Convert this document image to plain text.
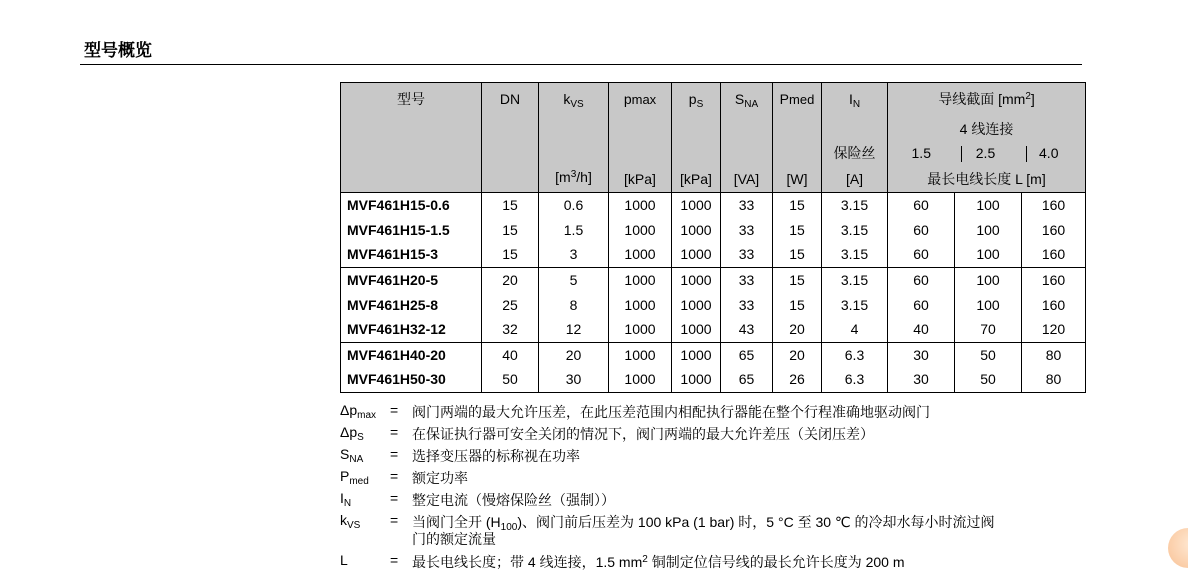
型号概览
型号	DN	$k_{VS}$	pmax	$p_S$	$S_{NA}$	Pmed	$I_N$	导线截面 $[mm^2]$		
								4 线连接		
							保险丝	1.5	2.5	4.0
		$[m^3/h]$	[kPa]	[kPa]	[VA]	[W]	[A]	最长电线长度 L [m]		
MVF461H15-0.6	15	0.6	1000	1000	33	15	3.15	60	100	160
MVF461H15-1.5	15	1.5	1000	1000	33	15	3.15	60	100	160
MVF461H15-3	15	3	1000	1000	33	15	3.15	60	100	160
MVF461H20-5	20	5	1000	1000	33	15	3.15	60	100	160
MVF461H25-8	25	8	1000	1000	33	15	3.15	60	100	160
MVF461H32-12	32	12	1000	1000	43	20	4	40	70	120
MVF461H40-20	40	20	1000	1000	65	20	6.3	30	50	80
MVF461H50-30	50	30	1000	1000	65	26	6.3	30	50	80
$\Delta p_{max}$ = 阀门两端的最大允许压差，在此压差范围内相配执行器能在整个行程准确地驱动阀门
$\Delta p_S$	= 在保证执行器可安全关闭的情况下，阀门两端的最大允许差压（关闭压差）
$S_{NA}$	= 选择变压器的标称视在功率
$P_{med}$	= 额定功率
$I_N$	= 整定电流（慢熔保险丝（强制））
$k_{VS}$	= 当阀门全开 $(H_{100})$、阀门前后压差为 100 kPa (1 bar) 时，5 °C 至 30 ℃ 的冷却水每小时流过阀
门的额定流量
L	= 最长电线长度；带 4 线连接，1.5 $mm^2$ 铜制定位信号线的最长允许长度为 200 m
